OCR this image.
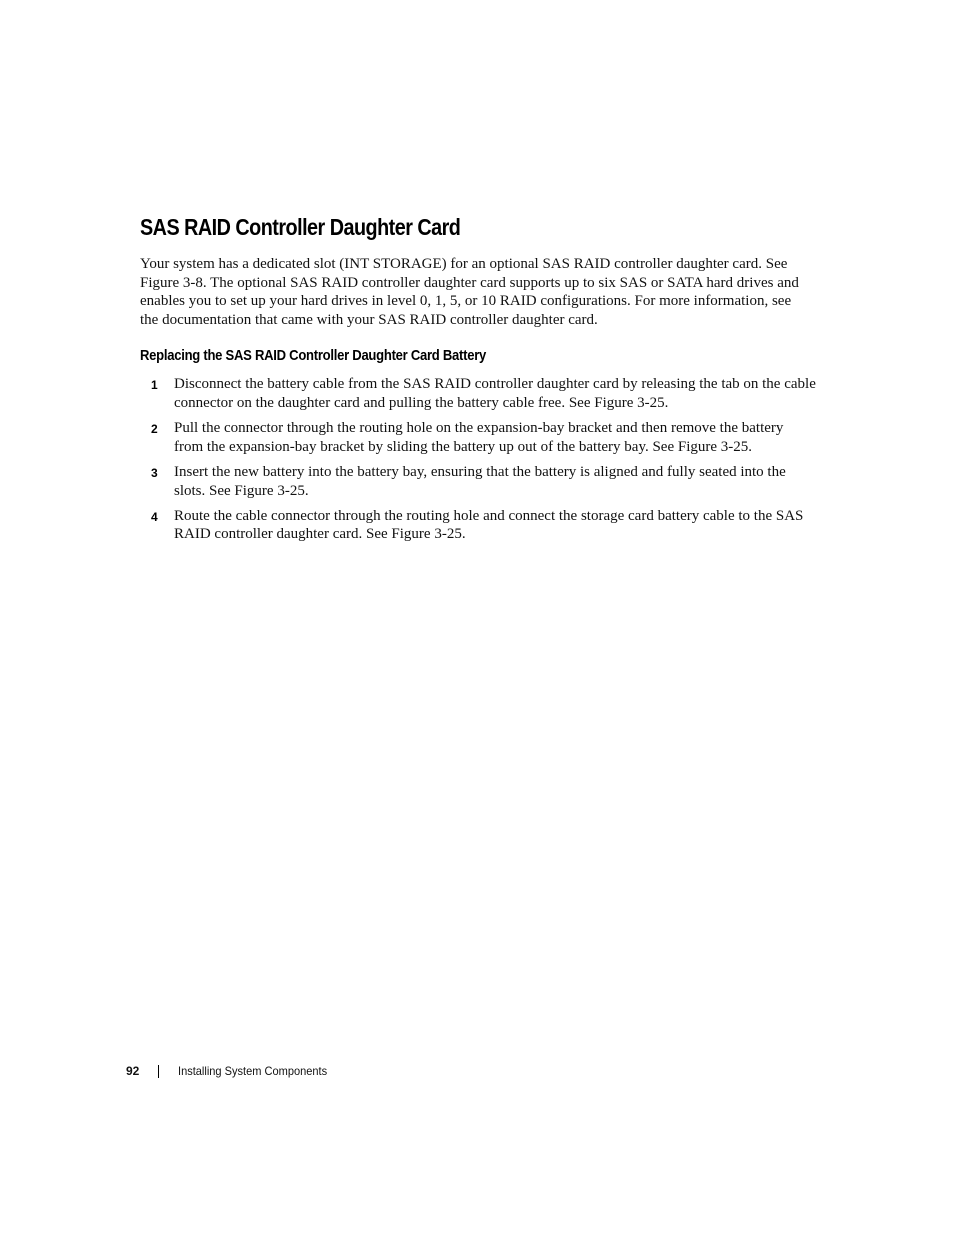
SAS RAID Controller Daughter Card

Your system has a dedicated slot (INT STORAGE) for an optional SAS RAID controller daughter card. See Figure 3-8. The optional SAS RAID controller daughter card supports up to six SAS or SATA hard drives and enables you to set up your hard drives in level 0, 1, 5, or 10 RAID configurations. For more information, see the documentation that came with your SAS RAID controller daughter card.

Replacing the SAS RAID Controller Daughter Card Battery
1 Disconnect the battery cable from the SAS RAID controller daughter card by releasing the tab on the cable connector on the daughter card and pulling the battery cable free. See Figure 3-25.
2 Pull the connector through the routing hole on the expansion-bay bracket and then remove the battery from the expansion-bay bracket by sliding the battery up out of the battery bay. See Figure 3-25.
3 Insert the new battery into the battery bay, ensuring that the battery is aligned and fully seated into the slots. See Figure 3-25.
4 Route the cable connector through the routing hole and connect the storage card battery cable to the SAS RAID controller daughter card. See Figure 3-25.
92	Installing System Components
